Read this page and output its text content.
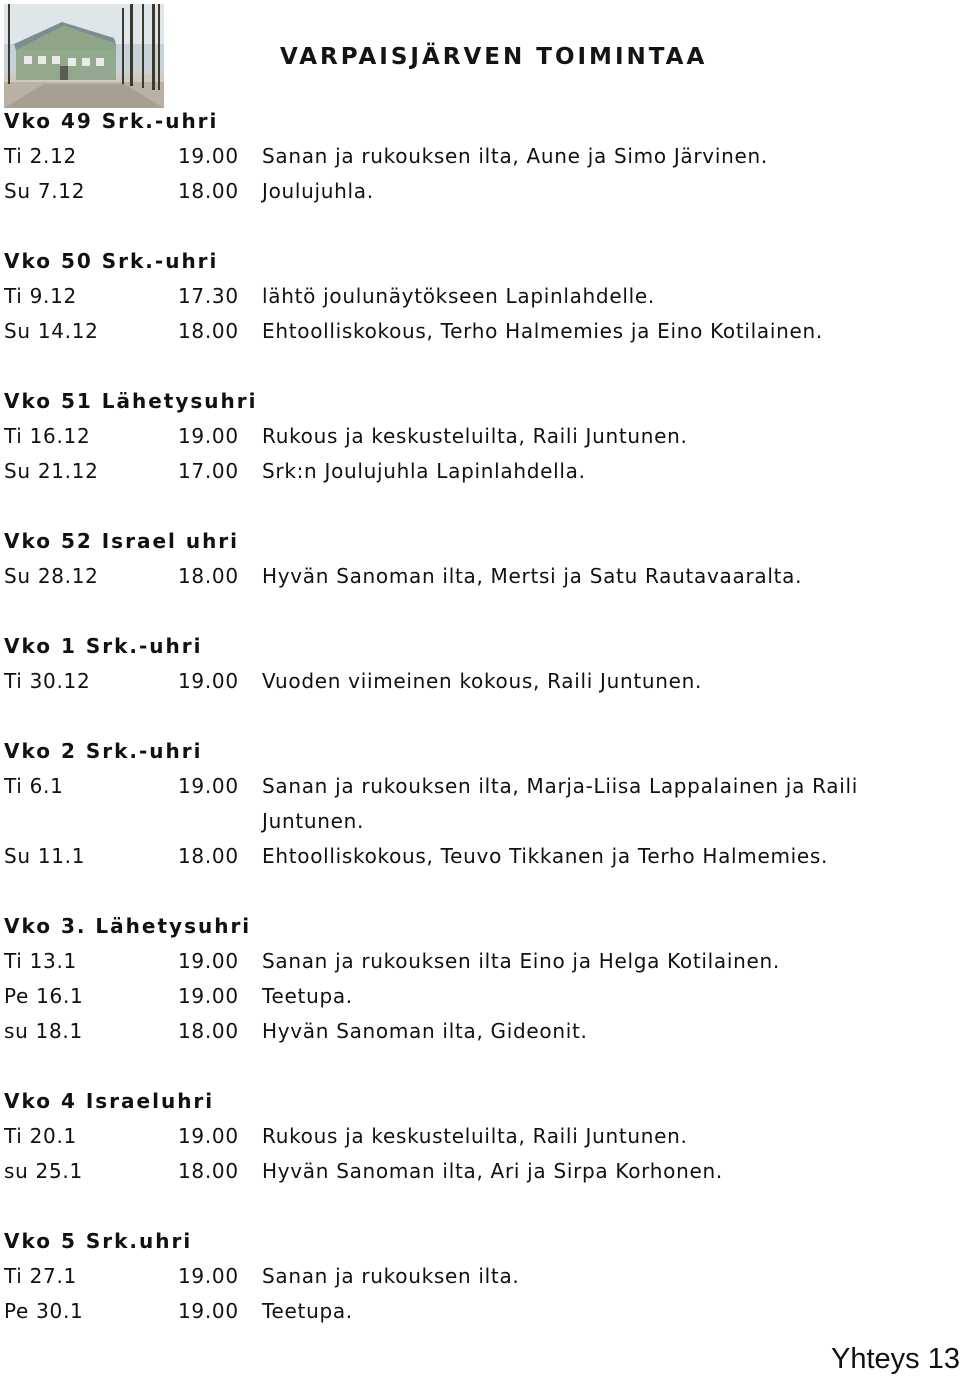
VARPAISJÄRVEN TOIMINTAA
Vko 49 Srk.-uhri
Ti 2.12	19.00	Sanan ja rukouksen ilta, Aune ja Simo Järvinen.
Su 7.12	18.00	Joulujuhla.
Vko 50 Srk.-uhri
Ti 9.12	17.30	lähtö joulunäytökseen Lapinlahdelle.
Su 14.12	18.00	Ehtoolliskokous, Terho Halmemies ja Eino Kotilainen.
Vko 51 Lähetysuhri
Ti 16.12	19.00	Rukous ja keskusteluilta, Raili Juntunen.
Su 21.12	17.00	Srk:n Joulujuhla Lapinlahdella.
Vko 52 Israel uhri
Su 28.12	18.00	Hyvän Sanoman ilta, Mertsi ja Satu Rautavaaralta.
Vko 1 Srk.-uhri
Ti 30.12	19.00	Vuoden viimeinen kokous, Raili Juntunen.
Vko 2 Srk.-uhri
Ti 6.1	19.00	Sanan ja rukouksen ilta, Marja-Liisa Lappalainen ja Raili Juntunen.
Su 11.1	18.00	Ehtoolliskokous, Teuvo Tikkanen ja Terho Halmemies.
Vko 3. Lähetysuhri
Ti 13.1	19.00	Sanan ja rukouksen ilta Eino ja Helga Kotilainen.
Pe 16.1	19.00	Teetupa.
su 18.1	18.00	Hyvän Sanoman ilta, Gideonit.
Vko 4 Israeluhri
Ti 20.1	19.00	Rukous ja keskusteluilta, Raili Juntunen.
su 25.1	18.00	Hyvän Sanoman ilta, Ari ja Sirpa Korhonen.
Vko 5 Srk.uhri
Ti 27.1	19.00	Sanan ja rukouksen ilta.
Pe 30.1	19.00	Teetupa.
Yhteys 13
